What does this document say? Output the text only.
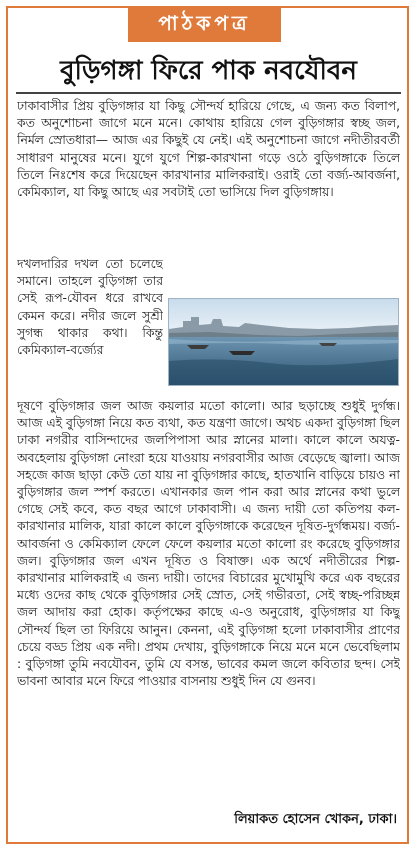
পাঠকপত্র
বুড়িগঙ্গা ফিরে পাক নবযৌবন

ঢাকাবাসীর প্রিয় বুড়িগঙ্গার যা কিছু সৌন্দর্য হারিয়ে গেছে, এ জন্য কত বিলাপ, কত অনুশোচনা জাগে মনে মনে। কোথায় হারিয়ে গেল বুড়িগঙ্গার স্বচ্ছ জল, নির্মল স্রোতধারা— আজ এর কিছুই যে নেই। এই অনুশোচনা জাগে নদীতীরবর্তী সাধারণ মানুষের মনে। যুগে যুগে শিল্প-কারখানা গড়ে ওঠে বুড়িগঙ্গাকে তিলে তিলে নিঃশেষ করে দিয়েছেন কারখানার মালিকরাই। ওরাই তো বর্জ্য-আবর্জনা, কেমিক্যাল, যা কিছু আছে এর সবটাই তো ভাসিয়ে দিল বুড়িগঙ্গায়।

দখলদারির দখল তো চলেছে সমানে। তাহলে বুড়িগঙ্গা তার সেই রূপ-যৌবন ধরে রাখবে কেমন করে। নদীর জলে সুশ্রী সুগন্ধ থাকার কথা। কিন্তু কেমিক্যাল-বর্জ্যের

দূষণে বুড়িগঙ্গার জল আজ কয়লার মতো কালো। আর ছড়াচ্ছে শুধুই দুর্গন্ধ। আজ এই বুড়িগঙ্গা নিয়ে কত ব্যথা, কত যন্ত্রণা জাগে। অথচ একদা বুড়িগঙ্গা ছিল ঢাকা নগরীর বাসিন্দাদের জলপিপাসা আর স্নানের মালা। কালে কালে অযত্ন-অবহেলায় বুড়িগঙ্গা নোংরা হয়ে যাওয়ায় নগরবাসীর আজ বেড়েছে জ্বালা। আজ সহজে কাজ ছাড়া কেউ তো যায় না বুড়িগঙ্গার কাছে, হাতখানি বাড়িয়ে চায়ও না বুড়িগঙ্গার জল স্পর্শ করতে। এখানকার জল পান করা আর স্নানের কথা ভুলে গেছে সেই কবে, কত বছর আগে ঢাকাবাসী। এ জন্য দায়ী তো কতিপয় কল-কারখানার মালিক, যারা কালে কালে বুড়িগঙ্গাকে করেছেন দূষিত-দুর্গন্ধময়। বর্জ্য-আবর্জনা ও কেমিক্যাল ফেলে ফেলে কয়লার মতো কালো রং করেছে বুড়িগঙ্গার জল। বুড়িগঙ্গার জল এখন দূষিত ও বিষাক্ত। এক অর্থে নদীতীরের শিল্প-কারখানার মালিকরাই এ জন্য দায়ী। তাদের বিচারের মুখোমুখি করে এক বছরের মধ্যে ওদের কাছ থেকে বুড়িগঙ্গার সেই স্রোত, সেই গভীরতা, সেই স্বচ্ছ-পরিচ্ছন্ন জল আদায় করা হোক। কর্তৃপক্ষের কাছে এ-ও অনুরোধ, বুড়িগঙ্গার যা কিছু সৌন্দর্য ছিল তা ফিরিয়ে আনুন। কেননা, এই বুড়িগঙ্গা হলো ঢাকাবাসীর প্রাণের চেয়ে বড্ড প্রিয় এক নদী। প্রথম দেখায়, বুড়িগঙ্গাকে নিয়ে মনে মনে ভেবেছিলাম : বুড়িগঙ্গা তুমি নবযৌবন, তুমি যে বসন্ত, ভাবের কমল জলে কবিতার ছন্দ। সেই ভাবনা আবার মনে ফিরে পাওয়ার বাসনায় শুধুই দিন যে গুনব।

লিয়াকত হোসেন খোকন, ঢাকা।
